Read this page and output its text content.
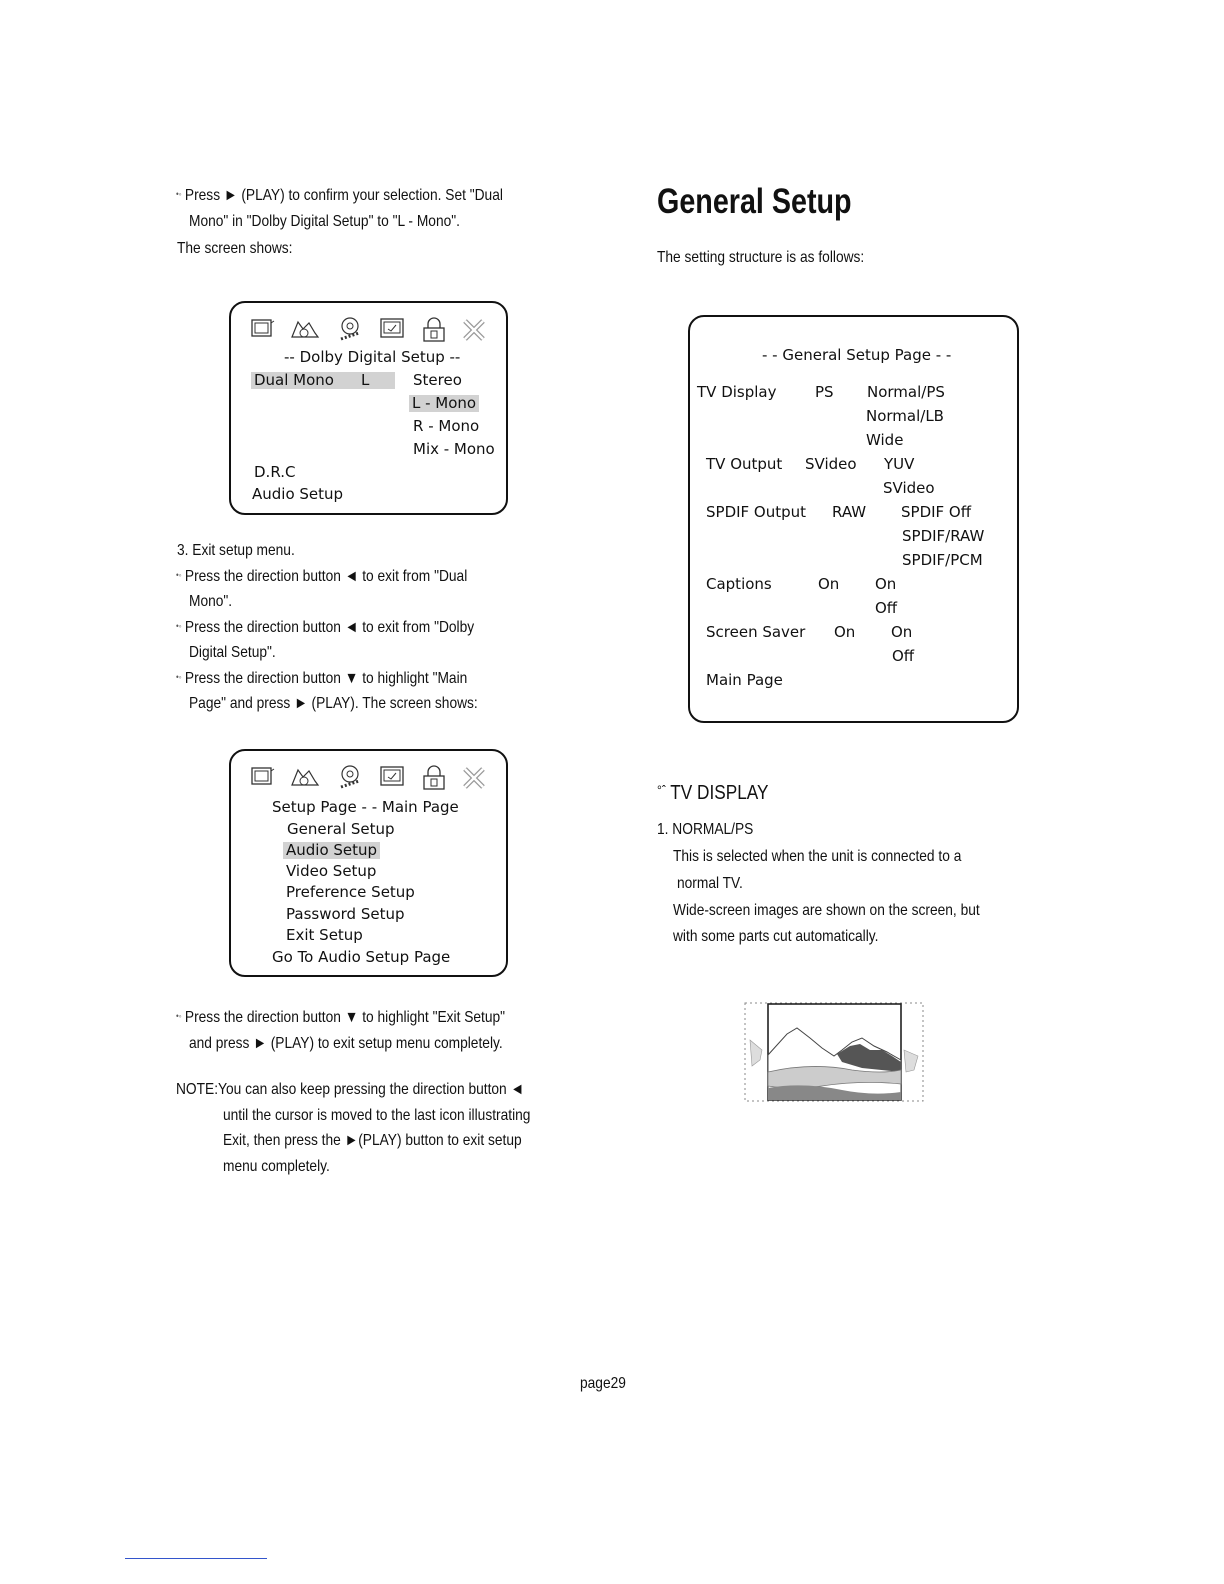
•◦ Press ► (PLAY) to confirm your selection. Set "Dual
Mono" in "Dolby Digital Setup" to "L - Mono".
The screen shows:
-- Dolby Digital Setup --
Dual Mono L	Stereo
L - Mono
R - Mono
Mix - Mono
D.R.C
Audio Setup
3. Exit setup menu.
•◦ Press the direction button ◄ to exit from "Dual
Mono".
•◦ Press the direction button ◄ to exit from "Dolby
Digital Setup".
•◦ Press the direction button ▼ to highlight "Main
Page" and press ► (PLAY). The screen shows:
Setup Page - - Main Page
General Setup
Audio Setup
Video Setup
Preference Setup
Password Setup
Exit Setup
Go To Audio Setup Page
•◦ Press the direction button ▼ to highlight "Exit Setup"
and press ► (PLAY) to exit setup menu completely.
NOTE:You can also keep pressing the direction button ◄
until the cursor is moved to the last icon illustrating
Exit, then press the ►(PLAY) button to exit setup
menu completely.
General Setup
The setting structure is as follows:
- - General Setup Page - -
TV Display	PS Normal/PS
Normal/LB
Wide
TV Output SVideo YUV
SVideo
SPDIF Output RAW SPDIF Off
SPDIF/RAW
SPDIF/PCM
Captions	On On
Off
Screen Saver On On
Off
Main Page
$^{^\circ ˆ}$ TV DISPLAY
1. NORMAL/PS
This is selected when the unit is connected to a
normal TV.
Wide-screen images are shown on the screen, but
with some parts cut automatically.
page29
